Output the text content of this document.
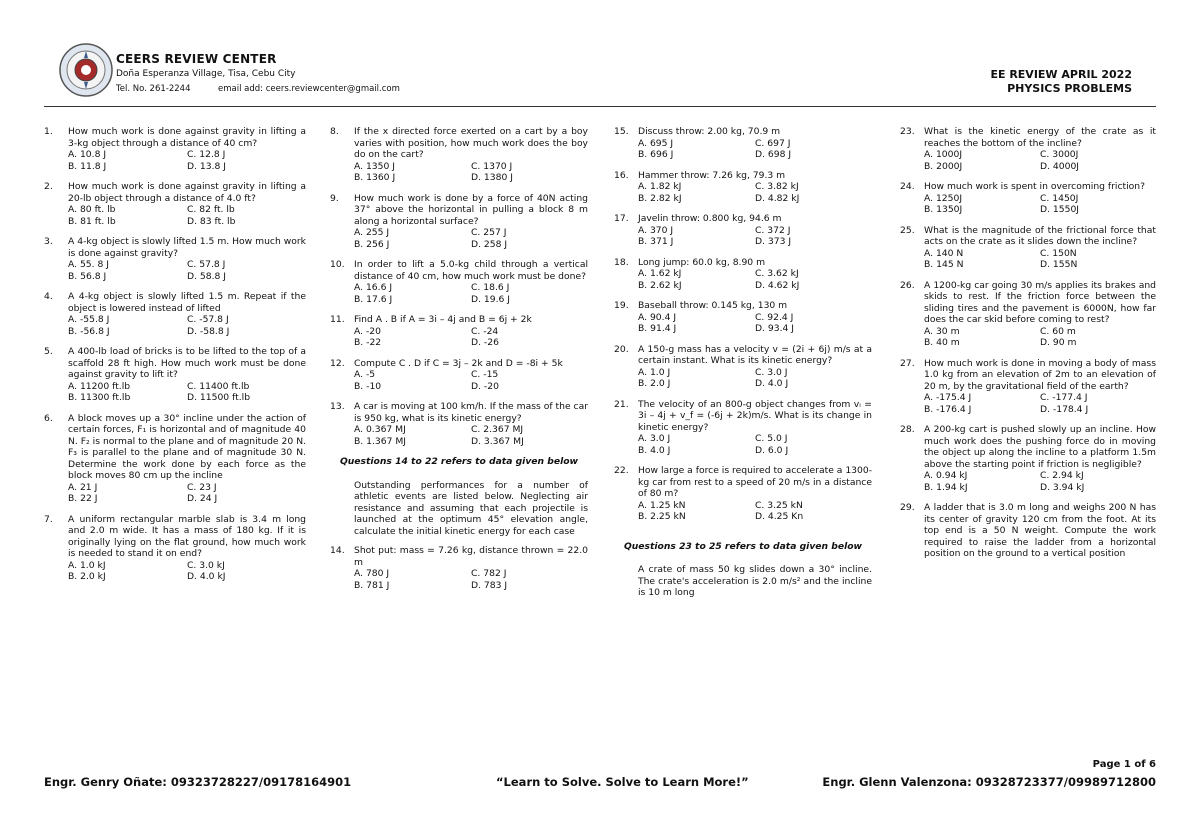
CEERS REVIEW CENTER
Doña Esperanza Village, Tisa, Cebu City
Tel. No. 261-2244	email add: ceers.reviewcenter@gmail.com
EE REVIEW APRIL 2022
PHYSICS PROBLEMS
1.	How much work is done against gravity in lifting a 3-kg object through a distance of 40 cm?
A. 10.8 J	C. 12.8 J
B. 11.8 J	D. 13.8 J
2.	How much work is done against gravity in lifting a 20-lb object through a distance of 4.0 ft?
A. 80 ft. lb	C. 82 ft. lb
B. 81 ft. lb	D. 83 ft. lb
3.	A 4-kg object is slowly lifted 1.5 m. How much work is done against gravity?
A. 55. 8 J	C. 57.8 J
B. 56.8 J	D. 58.8 J
4.	A 4-kg object is slowly lifted 1.5 m. Repeat if the object is lowered instead of lifted
A. -55.8 J	C. -57.8 J
B. -56.8 J	D. -58.8 J
5.	A 400-lb load of bricks is to be lifted to the top of a scaffold 28 ft high. How much work must be done against gravity to lift it?
A. 11200 ft.lb	C. 11400 ft.lb
B. 11300 ft.lb	D. 11500 ft.lb
6.	A block moves up a 30° incline under the action of certain forces, F₁ is horizontal and of magnitude 40 N. F₂ is normal to the plane and of magnitude 20 N. F₃ is parallel to the plane and of magnitude 30 N. Determine the work done by each force as the block moves 80 cm up the incline
A. 21 J	C. 23 J
B. 22 J	D. 24 J
7.	A uniform rectangular marble slab is 3.4 m long and 2.0 m wide. It has a mass of 180 kg. If it is originally lying on the flat ground, how much work is needed to stand it on end?
A. 1.0 kJ	C. 3.0 kJ
B. 2.0 kJ	D. 4.0 kJ
8.	If the x directed force exerted on a cart by a boy varies with position, how much work does the boy do on the cart?
A. 1350 J	C. 1370 J
B. 1360 J	D. 1380 J
9.	How much work is done by a force of 40N acting 37° above the horizontal in pulling a block 8 m along a horizontal surface?
A. 255 J	C. 257 J
B. 256 J	D. 258 J
10.	In order to lift a 5.0-kg child through a vertical distance of 40 cm, how much work must be done?
A. 16.6 J	C. 18.6 J
B. 17.6 J	D. 19.6 J
11.	Find A . B if A = 3i – 4j and B = 6j + 2k
A. -20	C. -24
B. -22	D. -26
12.	Compute C . D if C = 3j – 2k and D = -8i + 5k
A. -5	C. -15
B. -10	D. -20
13.	A car is moving at 100 km/h. If the mass of the car is 950 kg, what is its kinetic energy?
A. 0.367 MJ	C. 2.367 MJ
B. 1.367 MJ	D. 3.367 MJ
Questions 14 to 22 refers to data given below
Outstanding performances for a number of athletic events are listed below. Neglecting air resistance and assuming that each projectile is launched at the optimum 45° elevation angle, calculate the initial kinetic energy for each case
14.	Shot put: mass = 7.26 kg, distance thrown = 22.0 m
A. 780 J	C. 782 J
B. 781 J	D. 783 J
15.	Discuss throw: 2.00 kg, 70.9 m
A. 695 J	C. 697 J
B. 696 J	D. 698 J
16.	Hammer throw: 7.26 kg, 79.3 m
A. 1.82 kJ	C. 3.82 kJ
B. 2.82 kJ	D. 4.82 kJ
17.	Javelin throw: 0.800 kg, 94.6 m
A. 370 J	C. 372 J
B. 371 J	D. 373 J
18.	Long jump: 60.0 kg, 8.90 m
A. 1.62 kJ	C. 3.62 kJ
B. 2.62 kJ	D. 4.62 kJ
19.	Baseball throw: 0.145 kg, 130 m
A. 90.4 J	C. 92.4 J
B. 91.4 J	D. 93.4 J
20.	A 150-g mass has a velocity v = (2i + 6j) m/s at a certain instant. What is its kinetic energy?
A. 1.0 J	C. 3.0 J
B. 2.0 J	D. 4.0 J
21.	The velocity of an 800-g object changes from vᵢ = 3i – 4j + v_f = (-6j + 2k)m/s. What is its change in kinetic energy?
A. 3.0 J	C. 5.0 J
B. 4.0 J	D. 6.0 J
22.	How large a force is required to accelerate a 1300-kg car from rest to a speed of 20 m/s in a distance of 80 m?
A. 1.25 kN	C. 3.25 kN
B. 2.25 kN	D. 4.25 Kn
Questions 23 to 25 refers to data given below
A crate of mass 50 kg slides down a 30° incline. The crate's acceleration is 2.0 m/s² and the incline is 10 m long
23.	What is the kinetic energy of the crate as it reaches the bottom of the incline?
A. 1000J	C. 3000J
B. 2000J	D. 4000J
24.	How much work is spent in overcoming friction?
A. 1250J	C. 1450J
B. 1350J	D. 1550J
25.	What is the magnitude of the frictional force that acts on the crate as it slides down the incline?
A. 140 N	C. 150N
B. 145 N	D. 155N
26.	A 1200-kg car going 30 m/s applies its brakes and skids to rest. If the friction force between the sliding tires and the pavement is 6000N, how far does the car skid before coming to rest?
A. 30 m	C. 60 m
B. 40 m	D. 90 m
27.	How much work is done in moving a body of mass 1.0 kg from an elevation of 2m to an elevation of 20 m, by the gravitational field of the earth?
A. -175.4 J	C. -177.4 J
B. -176.4 J	D. -178.4 J
28.	A 200-kg cart is pushed slowly up an incline. How much work does the pushing force do in moving the object up along the incline to a platform 1.5m above the starting point if friction is negligible?
A. 0.94 kJ	C. 2.94 kJ
B. 1.94 kJ	D. 3.94 kJ
29.	A ladder that is 3.0 m long and weighs 200 N has its center of gravity 120 cm from the foot. At its top end is a 50 N weight. Compute the work required to raise the ladder from a horizontal position on the ground to a vertical position
Page 1 of 6
Engr. Genry Oñate: 09323728227/09178164901	“Learn to Solve. Solve to Learn More!”	Engr. Glenn Valenzona: 09328723377/09989712800
